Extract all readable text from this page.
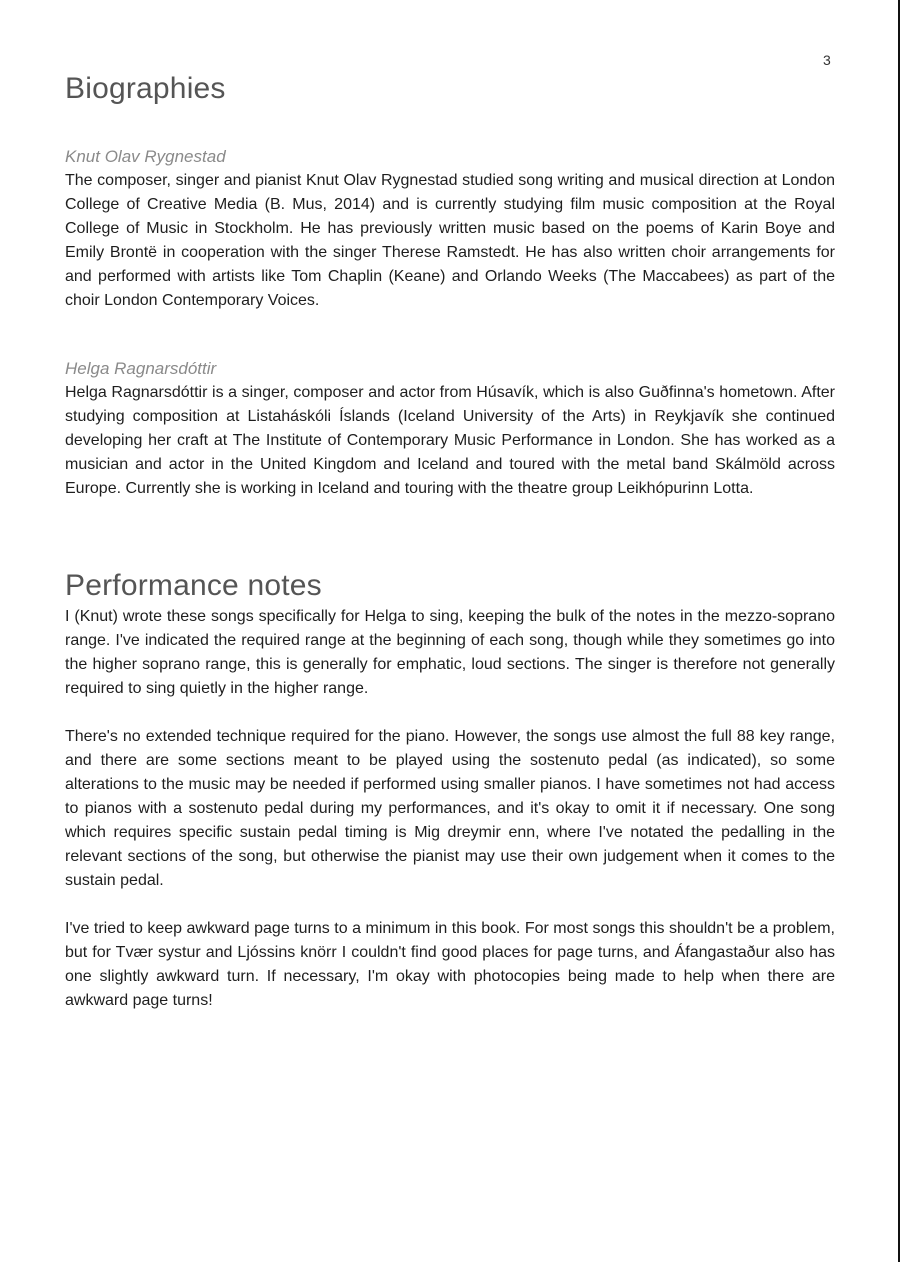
3
Biographies

Knut Olav Rygnestad

The composer, singer and pianist Knut Olav Rygnestad studied song writing and musical direction at London College of Creative Media (B. Mus, 2014) and is currently studying film music composition at the Royal College of Music in Stockholm. He has previously written music based on the poems of Karin Boye and Emily Brontë in cooperation with the singer Therese Ramstedt. He has also written choir arrangements for and performed with artists like Tom Chaplin (Keane) and Orlando Weeks (The Maccabees) as part of the choir London Contemporary Voices.

Helga Ragnarsdóttir

Helga Ragnarsdóttir is a singer, composer and actor from Húsavík, which is also Guðfinna's hometown. After studying composition at Listaháskóli Íslands (Iceland University of the Arts) in Reykjavík she continued developing her craft at The Institute of Contemporary Music Performance in London. She has worked as a musician and actor in the United Kingdom and Iceland and toured with the metal band Skálmöld across Europe. Currently she is working in Iceland and touring with the theatre group Leikhópurinn Lotta.

Performance notes

I (Knut) wrote these songs specifically for Helga to sing, keeping the bulk of the notes in the mezzo-soprano range. I've indicated the required range at the beginning of each song, though while they sometimes go into the higher soprano range, this is generally for emphatic, loud sections. The singer is therefore not generally required to sing quietly in the higher range.

There's no extended technique required for the piano. However, the songs use almost the full 88 key range, and there are some sections meant to be played using the sostenuto pedal (as indicated), so some alterations to the music may be needed if performed using smaller pianos. I have sometimes not had access to pianos with a sostenuto pedal during my performances, and it's okay to omit it if necessary. One song which requires specific sustain pedal timing is Mig dreymir enn, where I've notated the pedalling in the relevant sections of the song, but otherwise the pianist may use their own judgement when it comes to the sustain pedal.

I've tried to keep awkward page turns to a minimum in this book. For most songs this shouldn't be a problem, but for Tvær systur and Ljóssins knörr I couldn't find good places for page turns, and Áfangastaður also has one slightly awkward turn. If necessary, I'm okay with photocopies being made to help when there are awkward page turns!
